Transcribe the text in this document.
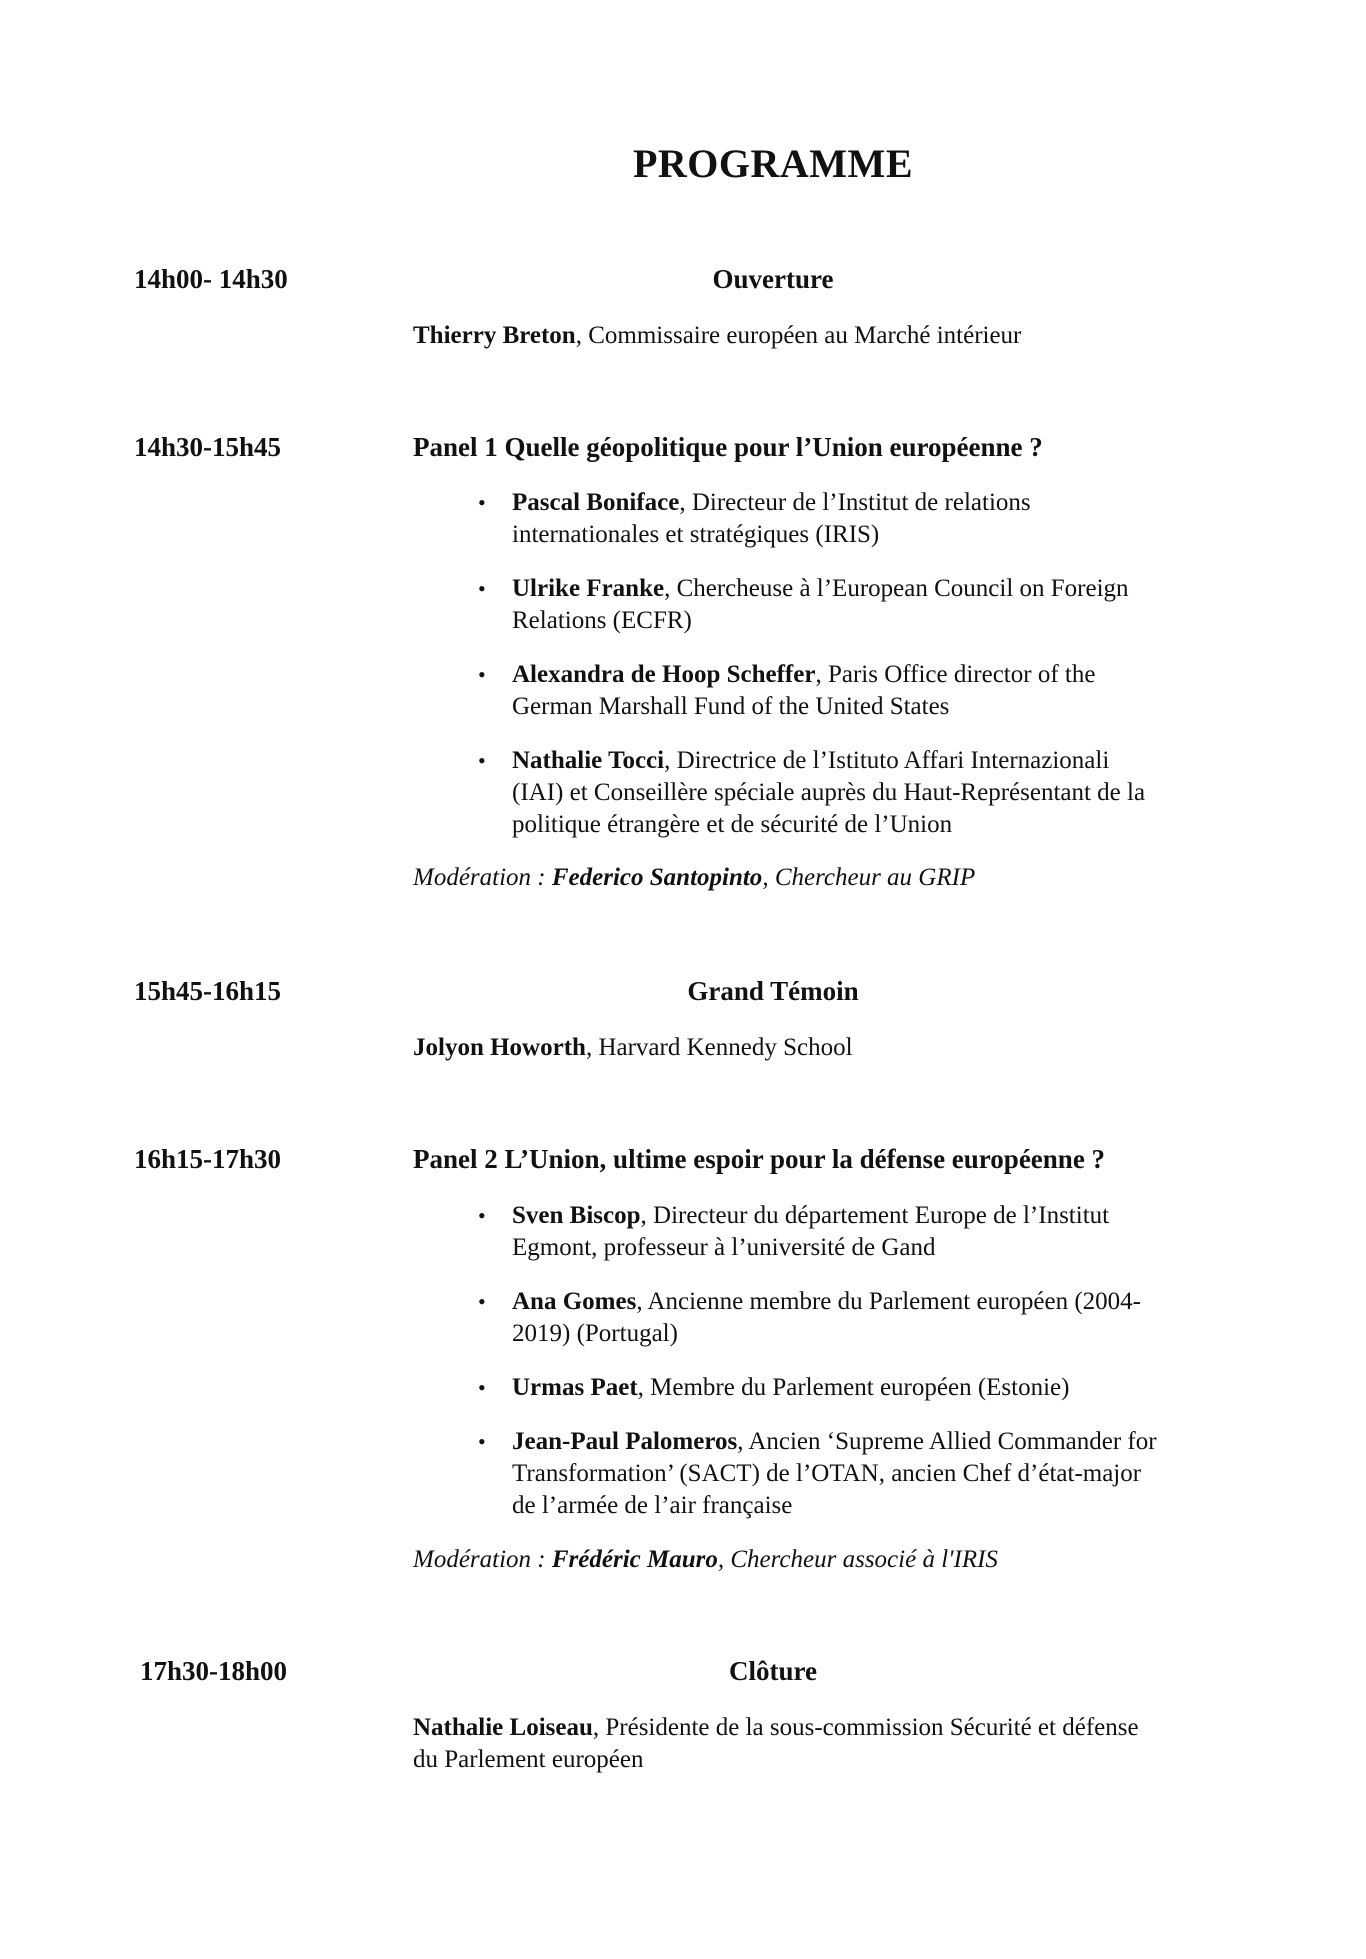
PROGRAMME
14h00- 14h30	Ouverture
Thierry Breton, Commissaire européen au Marché intérieur
14h30-15h45	Panel 1 Quelle géopolitique pour l’Union européenne ?
• Pascal Boniface, Directeur de l’Institut de relations
internationales et stratégiques (IRIS)
• Ulrike Franke, Chercheuse à l’European Council on Foreign
Relations (ECFR)
• Alexandra de Hoop Scheffer, Paris Office director of the
German Marshall Fund of the United States
• Nathalie Tocci, Directrice de l’Istituto Affari Internazionali
(IAI) et Conseillère spéciale auprès du Haut-Représentant de la
politique étrangère et de sécurité de l’Union
Modération : Federico Santopinto, Chercheur au GRIP
15h45-16h15	Grand Témoin
Jolyon Howorth, Harvard Kennedy School
16h15-17h30	Panel 2 L’Union, ultime espoir pour la défense européenne ?
• Sven Biscop, Directeur du département Europe de l’Institut
Egmont, professeur à l’université de Gand
• Ana Gomes, Ancienne membre du Parlement européen (2004-
2019) (Portugal)
• Urmas Paet, Membre du Parlement européen (Estonie)
• Jean-Paul Palomeros, Ancien ‘Supreme Allied Commander for
Transformation’ (SACT) de l’OTAN, ancien Chef d’état-major
de l’armée de l’air française
Modération : Frédéric Mauro, Chercheur associé à l'IRIS
17h30-18h00	Clôture
Nathalie Loiseau, Présidente de la sous-commission Sécurité et défense
du Parlement européen
